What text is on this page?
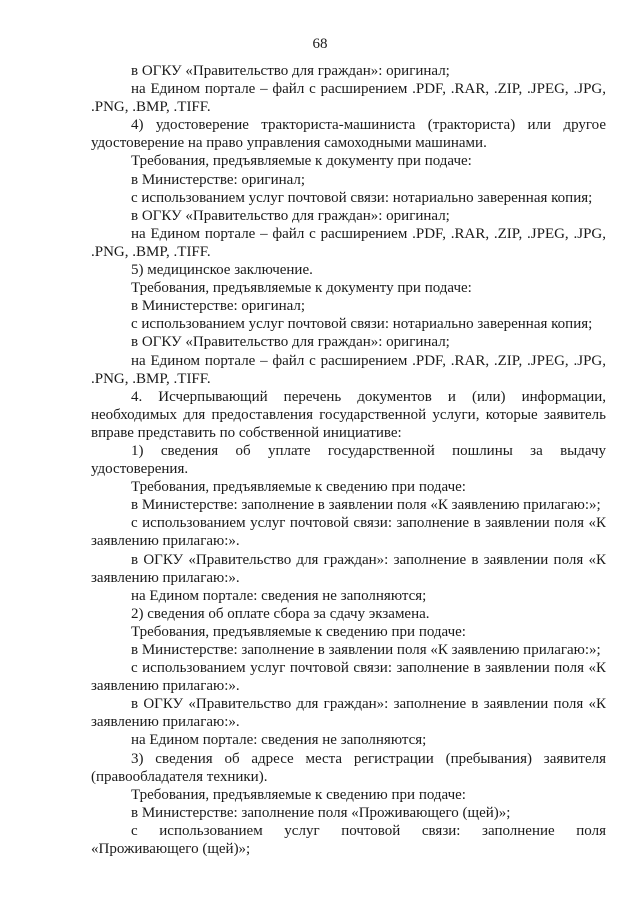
68

в ОГКУ «Правительство для граждан»: оригинал;

на Едином портале – файл с расширением .PDF, .RAR, .ZIP, .JPEG, .JPG, .PNG, .BMP, .TIFF.

4) удостоверение тракториста-машиниста (тракториста) или другое удостоверение на право управления самоходными машинами.

Требования, предъявляемые к документу при подаче:

в Министерстве: оригинал;

с использованием услуг почтовой связи: нотариально заверенная копия;

в ОГКУ «Правительство для граждан»: оригинал;

на Едином портале – файл с расширением .PDF, .RAR, .ZIP, .JPEG, .JPG, .PNG, .BMP, .TIFF.

5) медицинское заключение.

Требования, предъявляемые к документу при подаче:

в Министерстве: оригинал;

с использованием услуг почтовой связи: нотариально заверенная копия;

в ОГКУ «Правительство для граждан»: оригинал;

на Едином портале – файл с расширением .PDF, .RAR, .ZIP, .JPEG, .JPG, .PNG, .BMP, .TIFF.

4. Исчерпывающий перечень документов и (или) информации, необходимых для предоставления государственной услуги, которые заявитель вправе представить по собственной инициативе:

1) сведения об уплате государственной пошлины за выдачу удостоверения.

Требования, предъявляемые к сведению при подаче:

в Министерстве: заполнение в заявлении поля «К заявлению прилагаю:»;

с использованием услуг почтовой связи: заполнение в заявлении поля «К заявлению прилагаю:».

в ОГКУ «Правительство для граждан»: заполнение в заявлении поля «К заявлению прилагаю:».

на Едином портале: сведения не заполняются;

2) сведения об оплате сбора за сдачу экзамена.

Требования, предъявляемые к сведению при подаче:

в Министерстве: заполнение в заявлении поля «К заявлению прилагаю:»;

с использованием услуг почтовой связи: заполнение в заявлении поля «К заявлению прилагаю:».

в ОГКУ «Правительство для граждан»: заполнение в заявлении поля «К заявлению прилагаю:».

на Едином портале: сведения не заполняются;

3) сведения об адресе места регистрации (пребывания) заявителя (правообладателя техники).

Требования, предъявляемые к сведению при подаче:

в Министерстве: заполнение поля «Проживающего (щей)»;

с использованием услуг почтовой связи: заполнение поля «Проживающего (щей)»;
